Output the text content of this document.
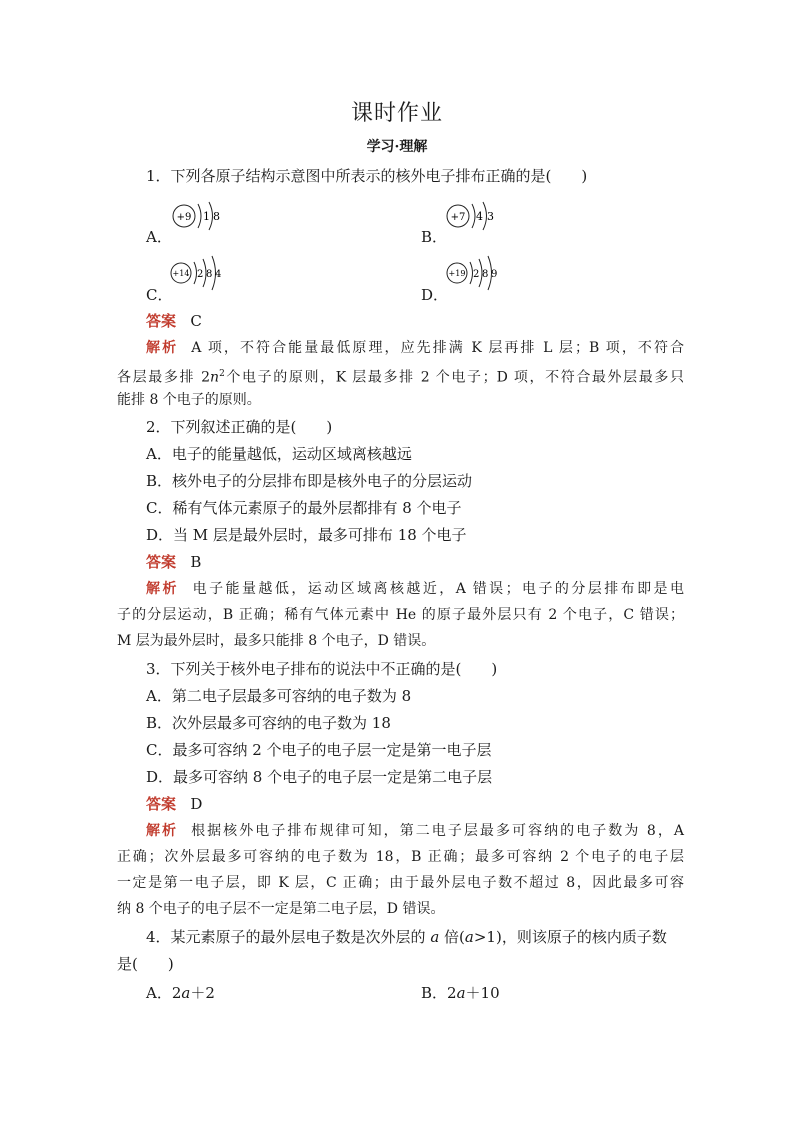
课时作业
学习·理解
1．下列各原子结构示意图中所表示的核外电子排布正确的是(　　)
A．
+9 1 8
B．
+7 4 3
C．
+14 2 8 4
D．
+19 2 8 9
答案 C
解析 A 项，不符合能量最低原理，应先排满 K 层再排 L 层；B 项，不符合
各层最多排 $2n^2$个电子的原则，K 层最多排 2 个电子；D 项，不符合最外层最多只
能排 8 个电子的原则。
2．下列叙述正确的是(　　)
A．电子的能量越低，运动区域离核越远
B．核外电子的分层排布即是核外电子的分层运动
C．稀有气体元素原子的最外层都排有 8 个电子
D．当 M 层是最外层时，最多可排布 18 个电子
答案 B
解析 电子能量越低，运动区域离核越近，A 错误；电子的分层排布即是电
子的分层运动，B 正确；稀有气体元素中 He 的原子最外层只有 2 个电子，C 错误；
M 层为最外层时，最多只能排 8 个电子，D 错误。
3．下列关于核外电子排布的说法中不正确的是(　　)
A．第二电子层最多可容纳的电子数为 8
B．次外层最多可容纳的电子数为 18
C．最多可容纳 2 个电子的电子层一定是第一电子层
D．最多可容纳 8 个电子的电子层一定是第二电子层
答案 D
解析 根据核外电子排布规律可知，第二电子层最多可容纳的电子数为 8，A
正确；次外层最多可容纳的电子数为 18，B 正确；最多可容纳 2 个电子的电子层
一定是第一电子层，即 K 层，C 正确；由于最外层电子数不超过 8，因此最多可容
纳 8 个电子的电子层不一定是第二电子层，D 错误。
4．某元素原子的最外层电子数是次外层的 a 倍(a>1)，则该原子的核内质子数
是(　　)
A．2a＋2	B．2a＋10
